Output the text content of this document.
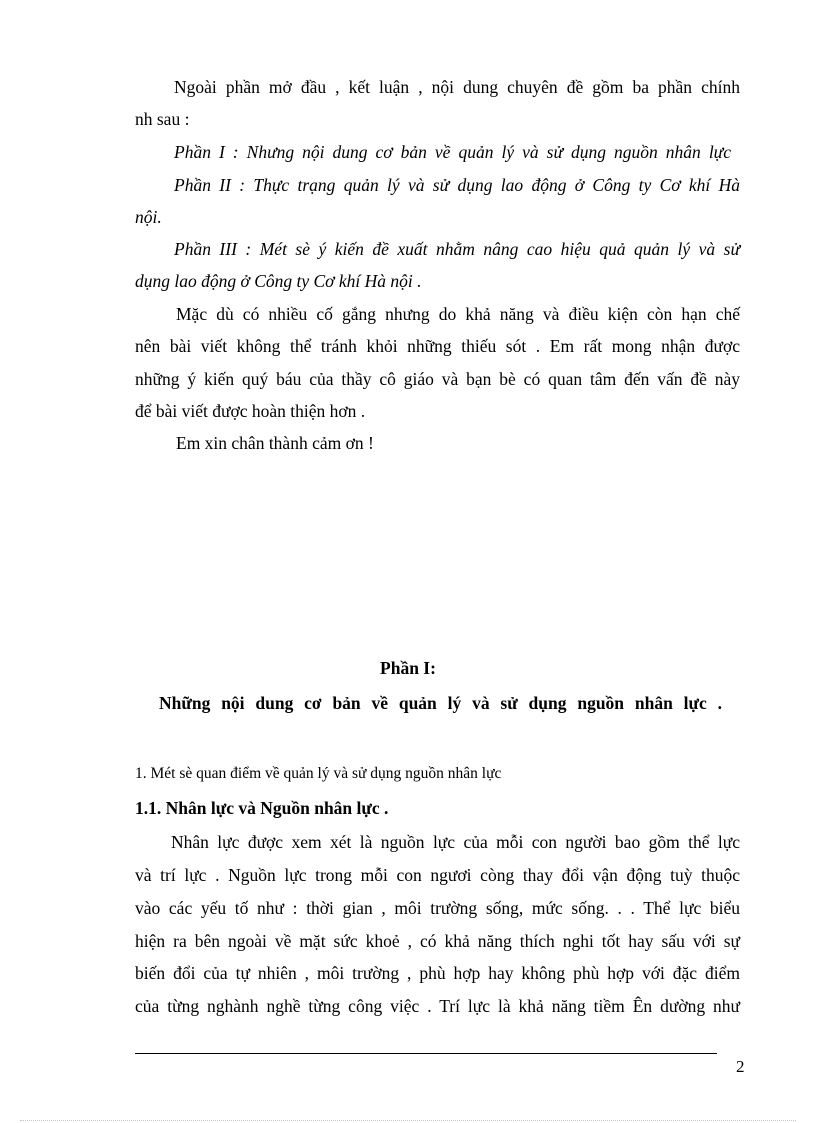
Ngoài phần mở đầu , kết luận , nội dung chuyên đề gồm ba phần chính

nh sau :

Phần I : Nhưng nội dung cơ bản về quản lý và sử dụng nguồn nhân lực

Phần II : Thực trạng quản lý và sử dụng lao động ở Công ty Cơ khí Hà

nội.

Phần III : Mét sè ý kiến đề xuất nhằm nâng cao hiệu quả quản lý và sử

dụng lao động ở Công ty Cơ khí Hà nội .

Mặc dù có nhiều cố gắng nhưng do khả năng và điều kiện còn hạn chế

nên bài viết không thể tránh khỏi những thiếu sót . Em rất mong nhận được

những ý kiến quý báu của thầy cô giáo và bạn bè có quan tâm đến vấn đề này

để bài viết được hoàn thiện hơn .

Em xin chân thành cảm ơn !

Phần I:

Những nội dung cơ bản về quản lý và sử dụng nguồn nhân lực .

1. Mét sè quan điểm về quản lý và sử dụng nguồn nhân lực

1.1. Nhân lực và Nguồn nhân lực .

Nhân lực được xem xét là nguồn lực của mỗi con người bao gồm thể lực

và trí lực . Nguồn lực trong mỗi con ngươi còng thay đổi vận động tuỳ thuộc

vào các yếu tố như : thời gian , môi trường sống, mức sống. . . Thể lực biểu

hiện ra bên ngoài về mặt sức khoẻ , có khả năng thích nghi tốt hay sấu với sự

biến đổi của tự nhiên , môi trường , phù hợp hay không phù hợp với đặc điểm

của từng nghành nghề từng công việc . Trí lực là khả năng tiềm Ên dường như

2
